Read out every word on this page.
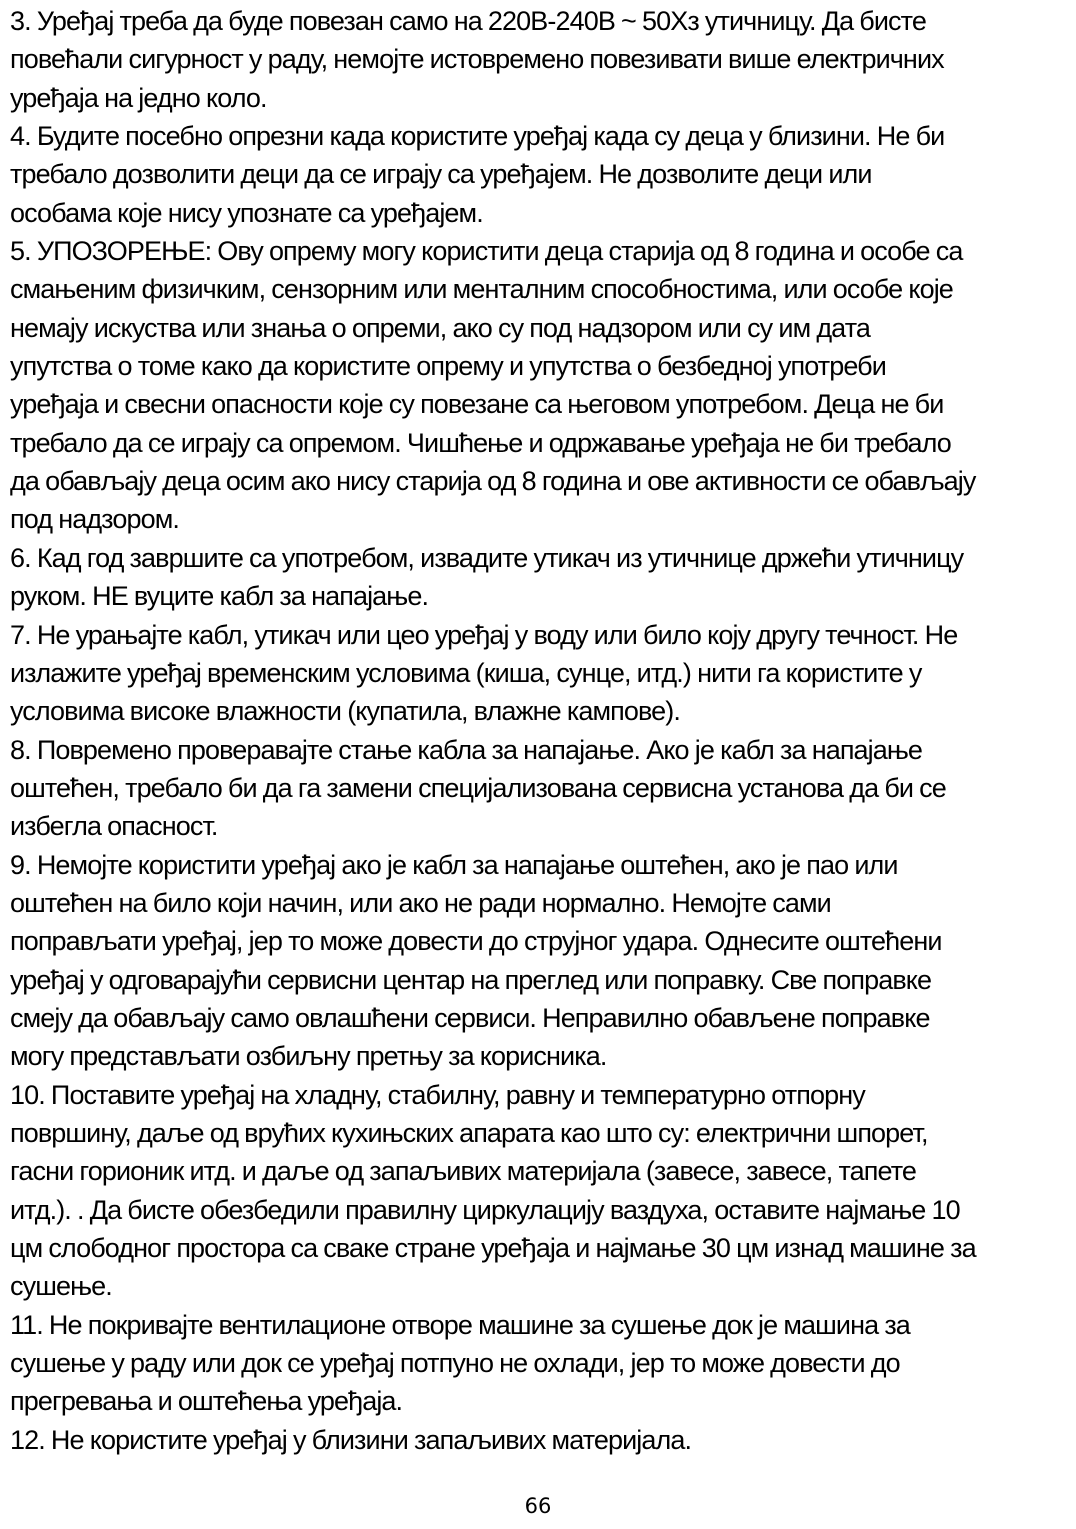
3. Уређај треба да буде повезан само на 220В-240В ~ 50Хз утичницу. Да бисте
повећали сигурност у раду, немојте истовремено повезивати више електричних
уређаја на једно коло.

4. Будите посебно опрезни када користите уређај када су деца у близини. Не би
требало дозволити деци да се играју са уређајем. Не дозволите деци или
особама које нису упознате са уређајем.

5. УПОЗОРЕЊЕ: Ову опрему могу користити деца старија од 8 година и особе са
смањеним физичким, сензорним или менталним способностима, или особе које
немају искуства или знања о опреми, ако су под надзором или су им дата
упутства о томе како да користите опрему и упутства о безбедној употреби
уређаја и свесни опасности које су повезане са његовом употребом. Деца не би
требало да се играју са опремом. Чишћење и одржавање уређаја не би требало
да обављају деца осим ако нису старија од 8 година и ове активности се обављају
под надзором.

6. Кад год завршите са употребом, извадите утикач из утичнице држећи утичницу
руком. НЕ вуците кабл за напајање.

7. Не урањајте кабл, утикач или цео уређај у воду или било коју другу течност. Не
излажите уређај временским условима (киша, сунце, итд.) нити га користите у
условима високе влажности (купатила, влажне кампове).

8. Повремено проверавајте стање кабла за напајање. Ако је кабл за напајање
оштећен, требало би да га замени специјализована сервисна установа да би се
избегла опасност.

9. Немојте користити уређај ако је кабл за напајање оштећен, ако је пао или
оштећен на било који начин, или ако не ради нормално. Немојте сами
поправљати уређај, јер то може довести до струјног удара. Однесите оштећени
уређај у одговарајући сервисни центар на преглед или поправку. Све поправке
смеју да обављају само овлашћени сервиси. Неправилно обављене поправке
могу представљати озбиљну претњу за корисника.

10. Поставите уређај на хладну, стабилну, равну и температурно отпорну
површину, даље од врућих кухињских апарата као што су: електрични шпорет,
гасни горионик итд. и даље од запаљивих материјала (завесе, завесе, тапете
итд.). . Да бисте обезбедили правилну циркулацију ваздуха, оставите најмање 10
цм слободног простора са сваке стране уређаја и најмање 30 цм изнад машине за
сушење.

11. Не покривајте вентилационе отворе машине за сушење док је машина за
сушење у раду или док се уређај потпуно не охлади, јер то може довести до
прегревања и оштећења уређаја.

12. Не користите уређај у близини запаљивих материјала.

66
